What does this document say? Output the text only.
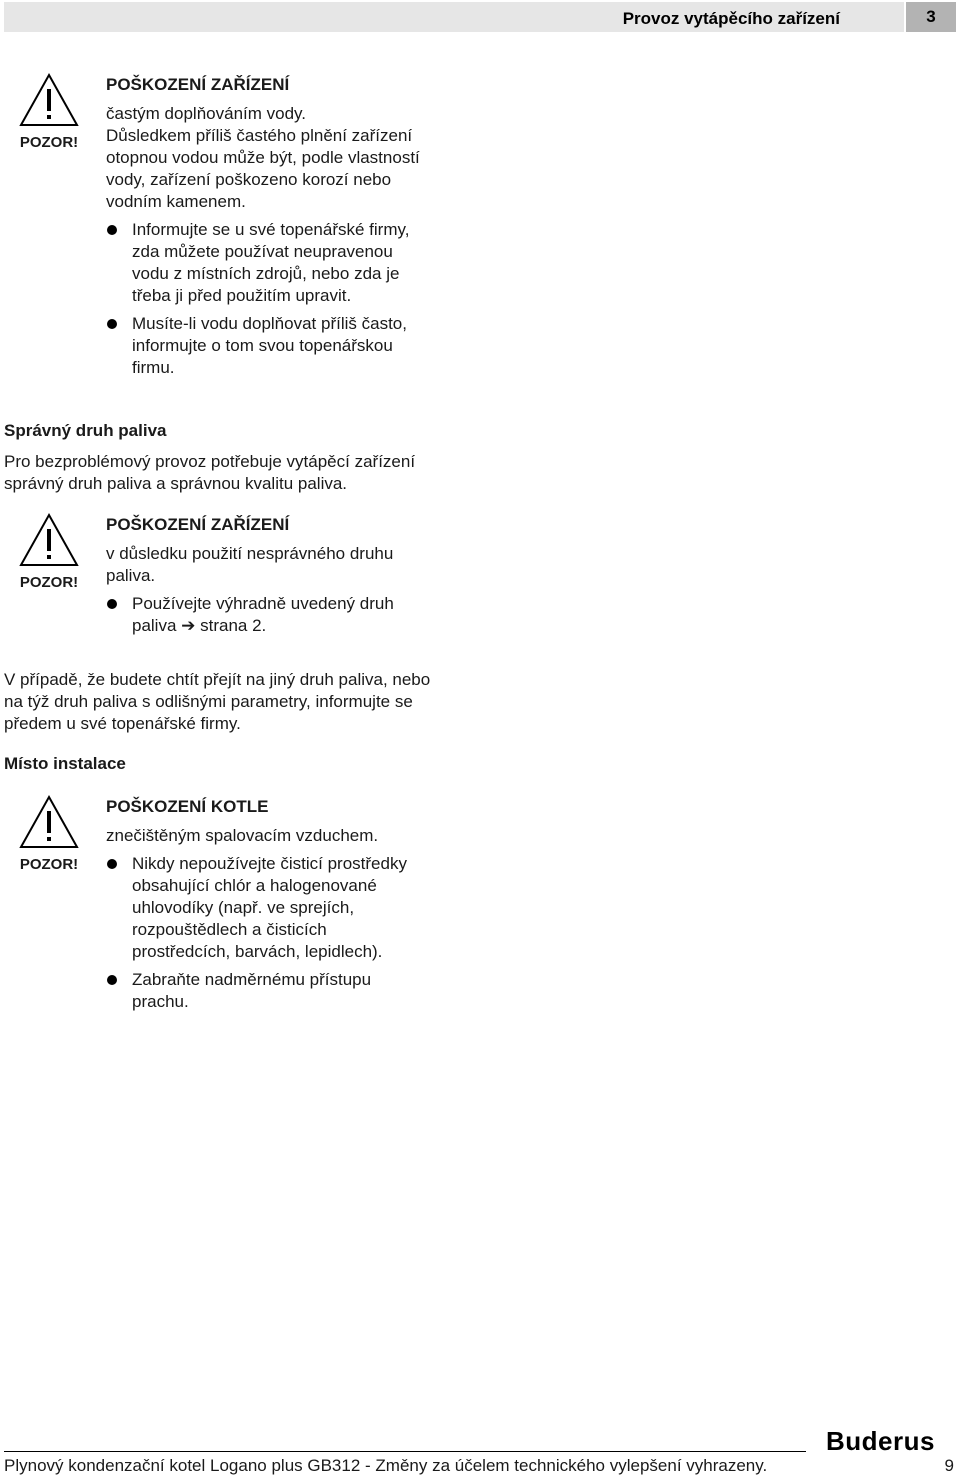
Provoz vytápěcího zařízení	3
POZOR!
POŠKOZENÍ ZAŘÍZENÍ
častým doplňováním vody.
Důsledkem příliš častého plnění zařízení
otopnou vodou může být, podle vlastností
vody, zařízení poškozeno korozí nebo
vodním kamenem.
Informujte se u své topenářské firmy,
zda můžete používat neupravenou
vodu z místních zdrojů, nebo zda je
třeba ji před použitím upravit.
Musíte-li vodu doplňovat příliš často,
informujte o tom svou topenářskou
firmu.
Správný druh paliva
Pro bezproblémový provoz potřebuje vytápěcí zařízení
správný druh paliva a správnou kvalitu paliva.
POZOR!
POŠKOZENÍ ZAŘÍZENÍ
v důsledku použití nesprávného druhu
paliva.
Používejte výhradně uvedený druh
paliva ➔ strana 2.
V případě, že budete chtít přejít na jiný druh paliva, nebo
na týž druh paliva s odlišnými parametry, informujte se
předem u své topenářské firmy.
Místo instalace
POZOR!
POŠKOZENÍ KOTLE
znečištěným spalovacím vzduchem.
Nikdy nepoužívejte čisticí prostředky
obsahující chlór a halogenované
uhlovodíky (např. ve sprejích,
rozpouštědlech a čisticích
prostředcích, barvách, lepidlech).
Zabraňte nadměrnému přístupu
prachu.
Buderus
Plynový kondenzační kotel Logano plus GB312 - Změny za účelem technického vylepšení vyhrazeny.	9
